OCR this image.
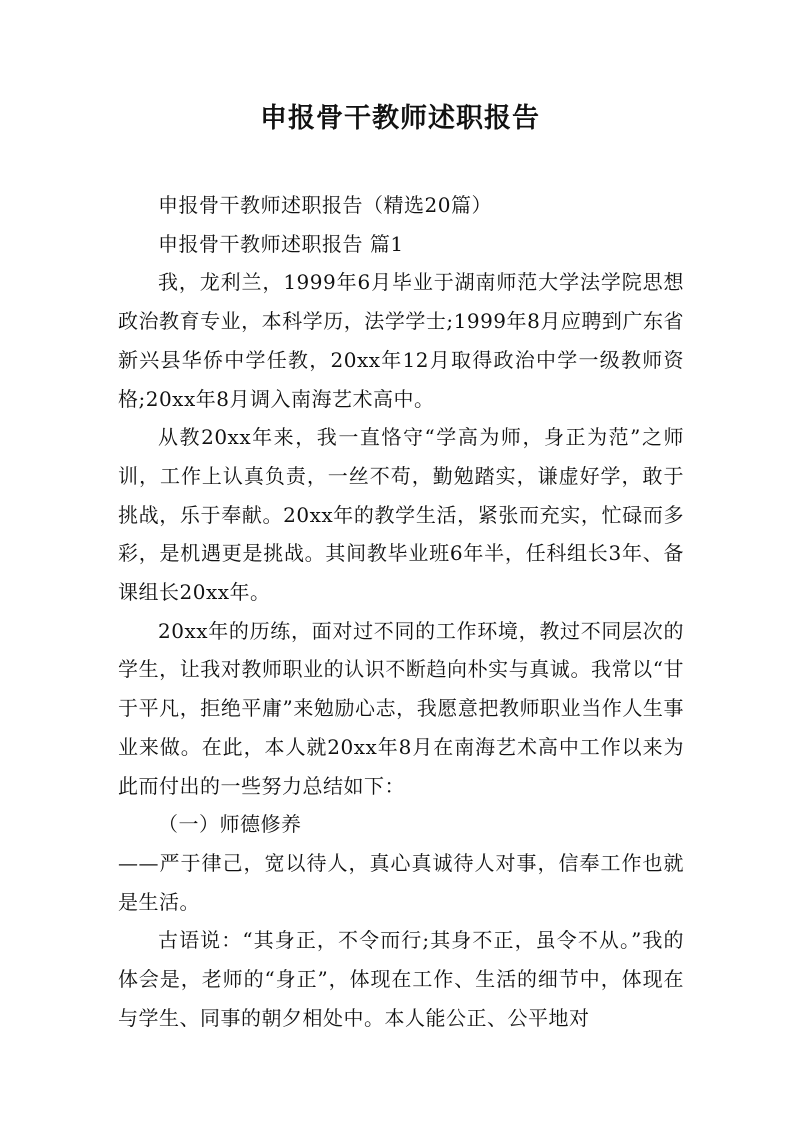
申报骨干教师述职报告

申报骨干教师述职报告（精选20篇）

申报骨干教师述职报告 篇1

我，龙利兰，1999年6月毕业于湖南师范大学法学院思想政治教育专业，本科学历，法学学士;1999年8月应聘到广东省新兴县华侨中学任教，20xx年12月取得政治中学一级教师资格;20xx年8月调入南海艺术高中。

从教20xx年来，我一直恪守“学高为师，身正为范”之师训，工作上认真负责，一丝不苟，勤勉踏实，谦虚好学，敢于挑战，乐于奉献。20xx年的教学生活，紧张而充实，忙碌而多彩，是机遇更是挑战。其间教毕业班6年半，任科组长3年、备课组长20xx年。

20xx年的历练，面对过不同的工作环境，教过不同层次的学生，让我对教师职业的认识不断趋向朴实与真诚。我常以“甘于平凡，拒绝平庸”来勉励心志，我愿意把教师职业当作人生事业来做。在此，本人就20xx年8月在南海艺术高中工作以来为此而付出的一些努力总结如下：

（一）师德修养

——严于律己，宽以待人，真心真诚待人对事，信奉工作也就是生活。

古语说：“其身正，不令而行;其身不正，虽令不从。”我的体会是，老师的“身正”，体现在工作、生活的细节中，体现在与学生、同事的朝夕相处中。本人能公正、公平地对
